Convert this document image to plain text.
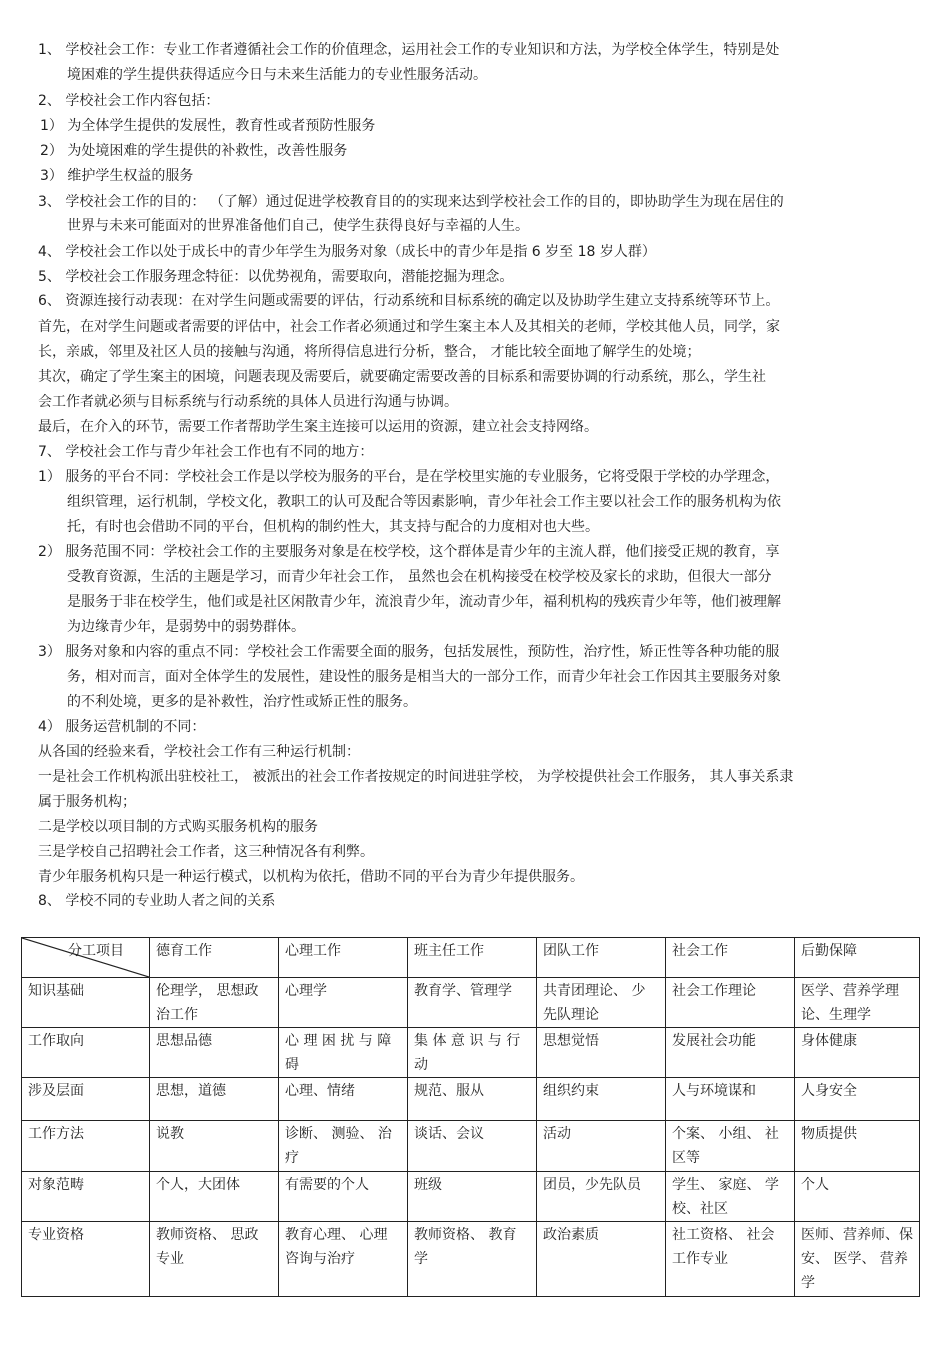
1、 学校社会工作：专业工作者遵循社会工作的价值理念，运用社会工作的专业知识和方法，为学校全体学生，特别是处
境困难的学生提供获得适应今日与未来生活能力的专业性服务活动。
2、 学校社会工作内容包括：
1） 为全体学生提供的发展性，教育性或者预防性服务
2） 为处境困难的学生提供的补救性，改善性服务
3） 维护学生权益的服务
3、 学校社会工作的目的： （了解）通过促进学校教育目的的实现来达到学校社会工作的目的，即协助学生为现在居住的
世界与未来可能面对的世界准备他们自己，使学生获得良好与幸福的人生。
4、 学校社会工作以处于成长中的青少年学生为服务对象（成长中的青少年是指 6 岁至 18 岁人群）
5、 学校社会工作服务理念特征：以优势视角，需要取向，潜能挖掘为理念。
6、 资源连接行动表现：在对学生问题或需要的评估，行动系统和目标系统的确定以及协助学生建立支持系统等环节上。
首先，在对学生问题或者需要的评估中，社会工作者必须通过和学生案主本人及其相关的老师，学校其他人员，同学，家
长，亲戚，邻里及社区人员的接触与沟通，将所得信息进行分析，整合， 才能比较全面地了解学生的处境；
其次，确定了学生案主的困境，问题表现及需要后，就要确定需要改善的目标系和需要协调的行动系统，那么，学生社
会工作者就必须与目标系统与行动系统的具体人员进行沟通与协调。
最后，在介入的环节，需要工作者帮助学生案主连接可以运用的资源，建立社会支持网络。
7、 学校社会工作与青少年社会工作也有不同的地方：
1） 服务的平台不同：学校社会工作是以学校为服务的平台，是在学校里实施的专业服务，它将受限于学校的办学理念，
组织管理，运行机制，学校文化，教职工的认可及配合等因素影响，青少年社会工作主要以社会工作的服务机构为依
托，有时也会借助不同的平台，但机构的制约性大，其支持与配合的力度相对也大些。
2） 服务范围不同：学校社会工作的主要服务对象是在校学校，这个群体是青少年的主流人群，他们接受正规的教育，享
受教育资源，生活的主题是学习，而青少年社会工作， 虽然也会在机构接受在校学校及家长的求助，但很大一部分
是服务于非在校学生，他们或是社区闲散青少年，流浪青少年，流动青少年，福利机构的残疾青少年等，他们被理解
为边缘青少年，是弱势中的弱势群体。
3） 服务对象和内容的重点不同：学校社会工作需要全面的服务，包括发展性，预防性，治疗性，矫正性等各种功能的服
务，相对而言，面对全体学生的发展性，建设性的服务是相当大的一部分工作，而青少年社会工作因其主要服务对象
的不利处境，更多的是补救性，治疗性或矫正性的服务。
4） 服务运营机制的不同：
从各国的经验来看，学校社会工作有三种运行机制：
一是社会工作机构派出驻校社工， 被派出的社会工作者按规定的时间进驻学校， 为学校提供社会工作服务， 其人事关系隶
属于服务机构；
二是学校以项目制的方式购买服务机构的服务
三是学校自己招聘社会工作者，这三种情况各有利弊。
青少年服务机构只是一种运行模式，以机构为依托，借助不同的平台为青少年提供服务。
8、 学校不同的专业助人者之间的关系
分工项目	德育工作	心理工作	班主任工作	团队工作	社会工作	后勤保障
知识基础	伦理学， 思想政治工作	心理学	教育学、管理学	共青团理论、 少先队理论	社会工作理论	医学、营养学理论、生理学
工作取向	思想品德	心 理 困 扰 与 障 碍	集 体 意 识 与 行 动	思想觉悟	发展社会功能	身体健康
涉及层面	思想，道德	心理、情绪	规范、服从	组织约束	人与环境谋和	人身安全
工作方法	说教	诊断、 测验、 治疗	谈话、会议	活动	个案、 小组、 社区等	物质提供
对象范畴	个人，大团体	有需要的个人	班级	团员，少先队员	学生、 家庭、 学校、社区	个人
专业资格	教师资格、 思政专业	教育心理、 心理咨询与治疗	教师资格、 教育学	政治素质	社工资格、 社会工作专业	医师、营养师、保安、 医学、 营养学
